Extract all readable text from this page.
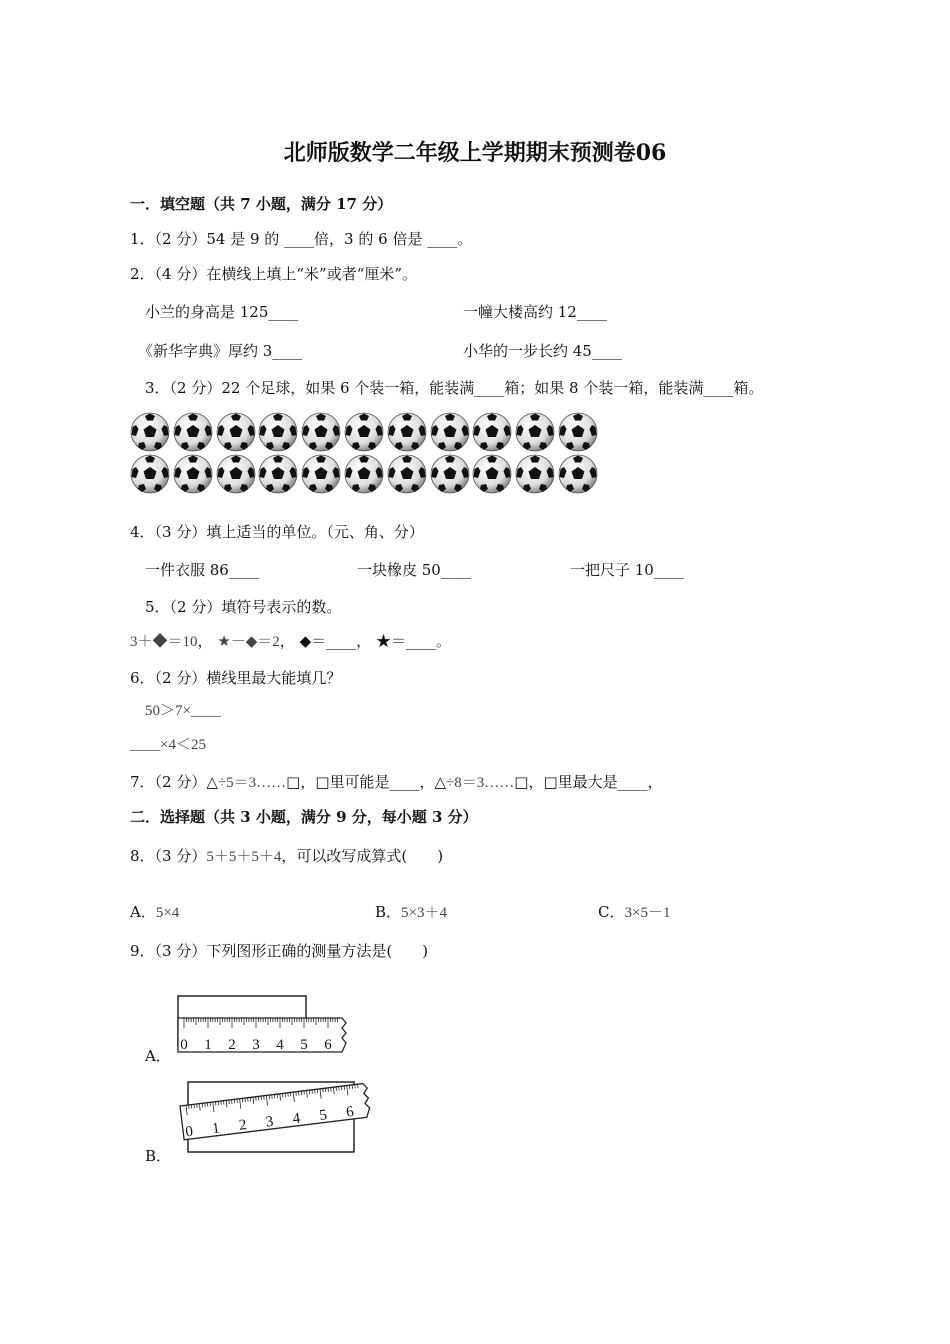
北师版数学二年级上学期期末预测卷06
一．填空题（共 7 小题，满分 17 分）
1．（2 分）54 是 9 的 ____倍，3 的 6 倍是 ____。
2．（4 分）在横线上填上“米”或者“厘米”。
小兰的身高是 125____	一幢大楼高约 12____
《新华字典》厚约 3____	小华的一步长约 45____
3．（2 分）22 个足球，如果 6 个装一箱，能装满____箱；如果 8 个装一箱，能装满____箱。
4．（3 分）填上适当的单位。（元、角、分）
一件衣服 86____	一块橡皮 50____	一把尺子 10____
5．（2 分）填符号表示的数。
3＋◆＝10， ★－◆＝2， ◆＝____， ★＝____。
6．（2 分）横线里最大能填几？
50＞7×____
____×4＜25
7．（2 分）△÷5＝3……□，□里可能是____，△÷8＝3……□，□里最大是____，
二．选择题（共 3 小题，满分 9 分，每小题 3 分）
8．（3 分）5＋5＋5＋4，可以改写成算式(　　)
A．5×4	B．5×3＋4	C．3×5－1
9．（3 分）下列图形正确的测量方法是(　　)
A．
0 1 2 3 4 5 6
B．
0 1 2 3 4 5 6
